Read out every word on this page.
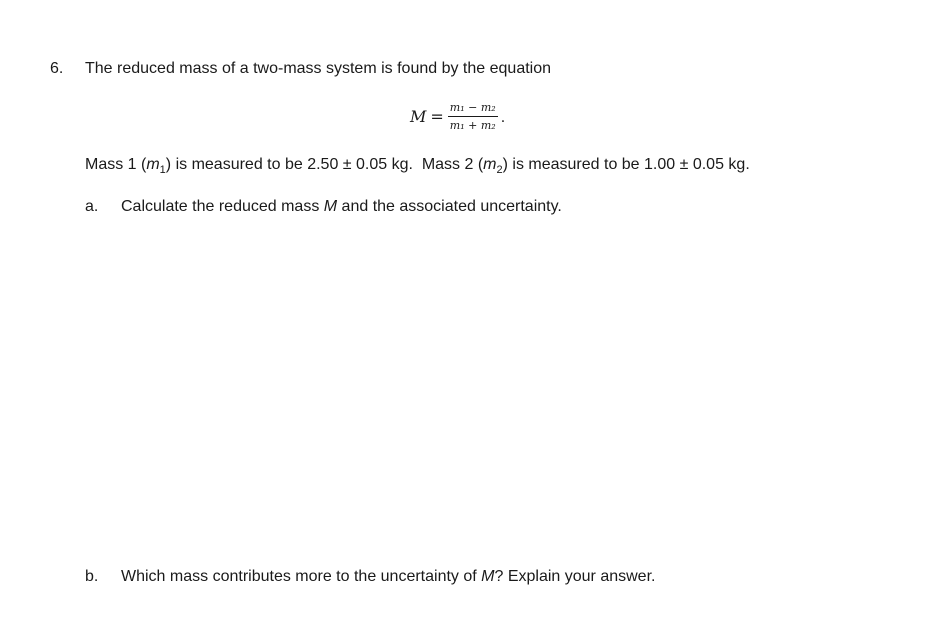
6. The reduced mass of a two-mass system is found by the equation
$M = \frac{\text{m₁ − m₂}}{\text{m₁ + m₂}}$ .
Mass 1 $(m_1)$ is measured to be 2.50 ± 0.05 kg. Mass 2 $(m_2)$ is measured to be 1.00 ± 0.05 kg.
a. Calculate the reduced mass M and the associated uncertainty.
b. Which mass contributes more to the uncertainty of M? Explain your answer.
